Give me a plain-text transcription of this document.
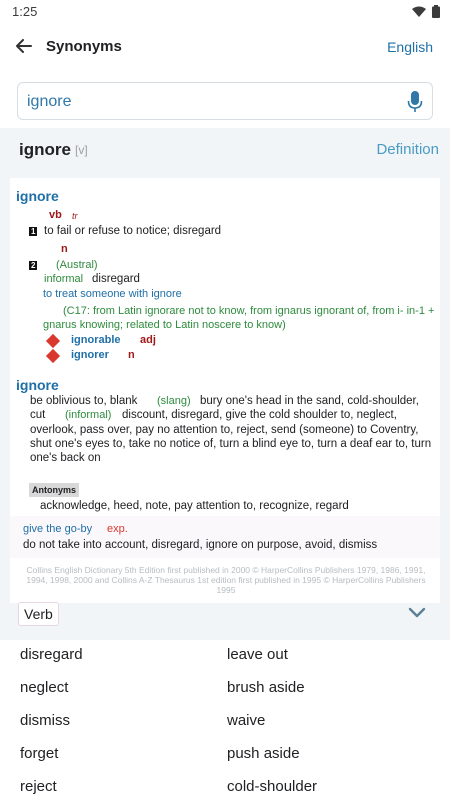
1:25
Synonyms	English
ignore
ignore [v]	Definition
ignore
vb tr
1 to fail or refuse to notice; disregard
n
2 (Austral)
informal disregard
to treat someone with ignore
(C17: from Latin ignorare not to know, from ignarus ignorant of, from i- in-1 +
gnarus knowing; related to Latin noscere to know)
ignorable adj
ignorer n
ignore
be oblivious to, blank (slang) bury one's head in the sand, cold-shoulder,
cut (informal) discount, disregard, give the cold shoulder to, neglect,
overlook, pass over, pay no attention to, reject, send (someone) to Coventry, shut one's eyes to, take no notice of, turn a blind eye to, turn a deaf ear to, turn one's back on
Antonyms
acknowledge, heed, note, pay attention to, recognize, regard
give the go-by exp.
do not take into account, disregard, ignore on purpose, avoid, dismiss
Collins English Dictionary 5th Edition first published in 2000 © HarperCollins Publishers 1979, 1986, 1991, 1994, 1998, 2000 and Collins A-Z Thesaurus 1st edition first published in 1995 © HarperCollins Publishers 1995
Verb
disregard	leave out
neglect	brush aside
dismiss	waive
forget	push aside
reject	cold-shoulder
